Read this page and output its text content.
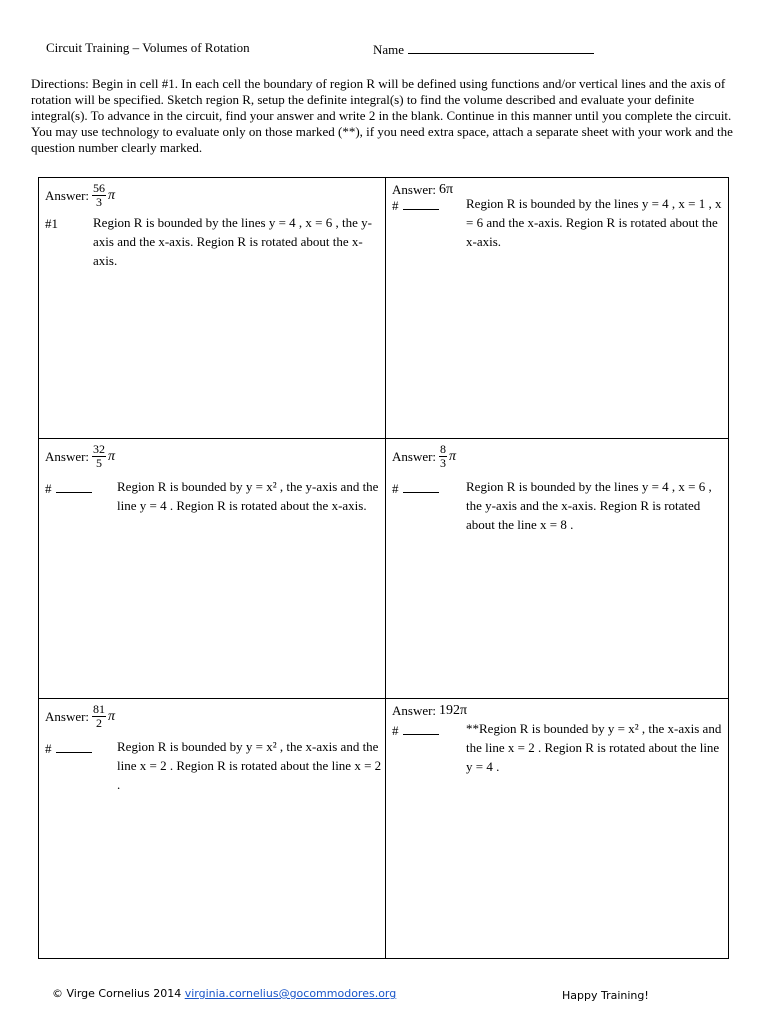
Circuit Training – Volumes of Rotation	Name
Directions: Begin in cell #1. In each cell the boundary of region R will be defined using functions and/or vertical lines and the axis of rotation will be specified. Sketch region R, setup the definite integral(s) to find the volume described and evaluate your definite integral(s). To advance in the circuit, find your answer and write 2 in the blank. Continue in this manner until you complete the circuit. You may use technology to evaluate only on those marked (**), if you need extra space, attach a separate sheet with your work and the question number clearly marked.
Answer: $\frac{56}{3}$ π
#1	Region R is bounded by the lines y = 4 , x = 6 , the y-axis and the x-axis. Region R is rotated about the x-axis.
Answer: 6π
#	Region R is bounded by the lines y = 4 , x = 1 , x = 6 and the x-axis. Region R is rotated about the x-axis.
Answer: $\frac{32}{5}$ π
#	Region R is bounded by y = x² , the y-axis and the line y = 4 . Region R is rotated about the x-axis.
Answer: $\frac{8}{3}$ π
#	Region R is bounded by the lines y = 4 , x = 6 , the y-axis and the x-axis. Region R is rotated about the line x = 8 .
Answer: $\frac{81}{2}$ π
#	Region R is bounded by y = x² , the x-axis and the line x = 2 . Region R is rotated about the line x = 2 .
Answer: 192π
#	**Region R is bounded by y = x² , the x-axis and the line x = 2 . Region R is rotated about the line y = 4 .
© Virge Cornelius 2014 virginia.cornelius@gocommodores.org	Happy Training!
